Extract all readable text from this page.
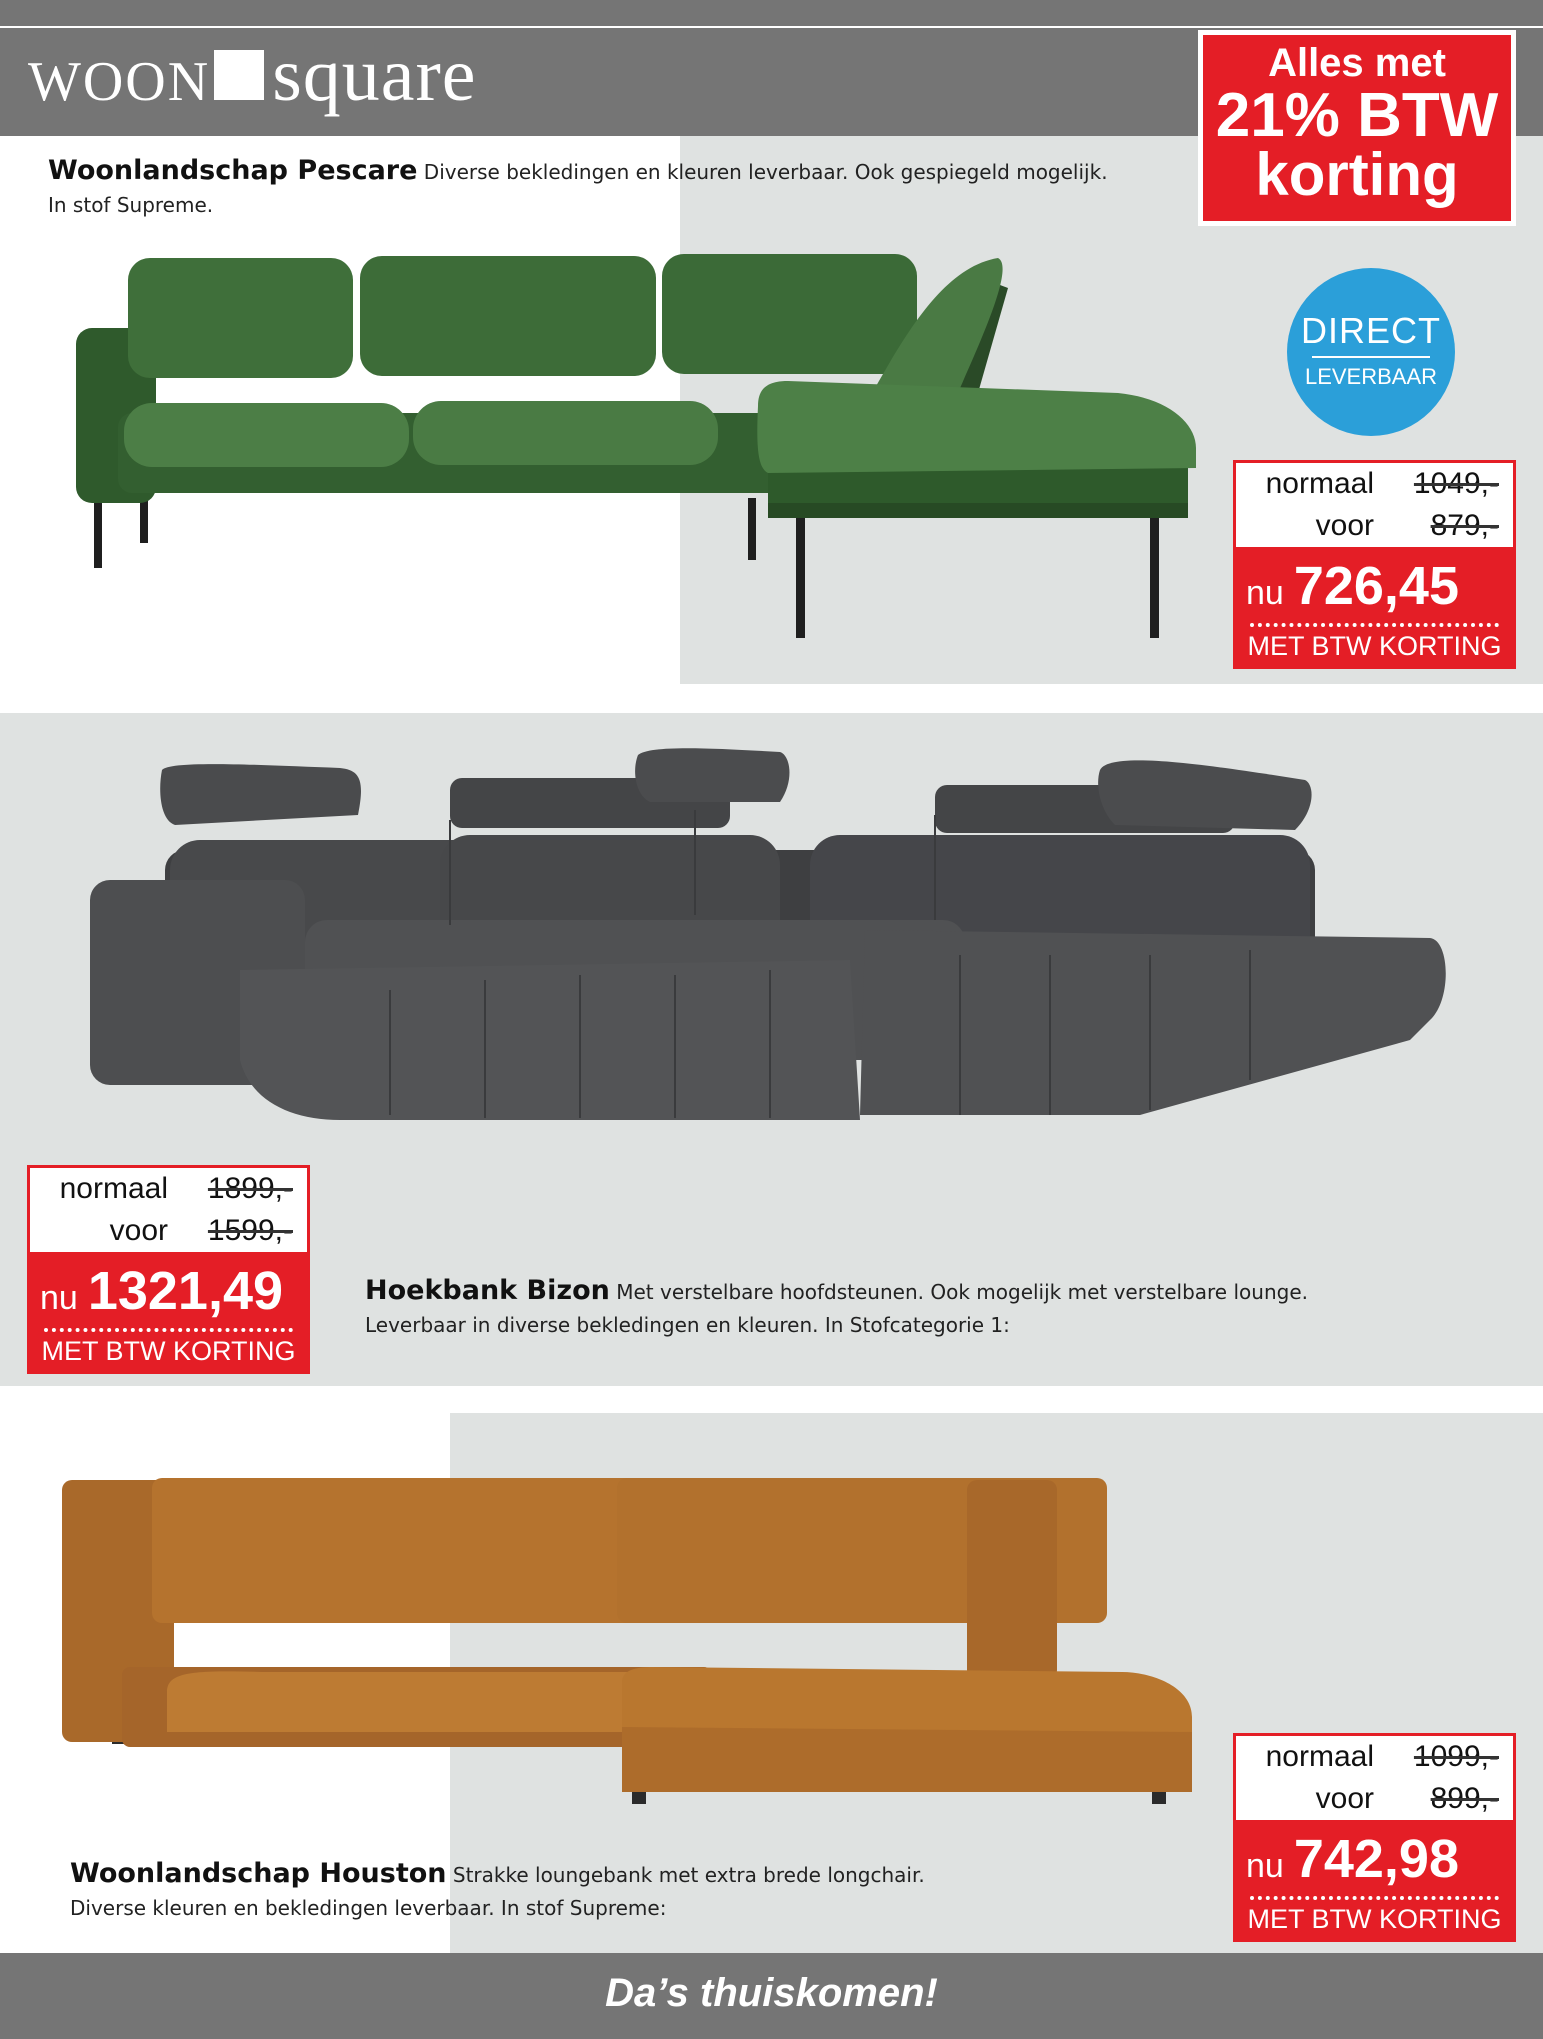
WOON square	Alles met
21% BTW
korting
Woonlandschap Pescare Diverse bekledingen en kleuren leverbaar. Ook gespiegeld mogelijk.
In stof Supreme.
DIRECT
LEVERBAAR
normaal 1049,-
voor 879,-
nu 726,45
MET BTW KORTING
normaal 1899,-
voor 1599,-
nu 1321,49
MET BTW KORTING
Hoekbank Bizon Met verstelbare hoofdsteunen. Ook mogelijk met verstelbare lounge.
Leverbaar in diverse bekledingen en kleuren. In Stofcategorie 1:
Woonlandschap Houston Strakke loungebank met extra brede longchair.
Diverse kleuren en bekledingen leverbaar. In stof Supreme:
normaal 1099,-
voor 899,-
nu 742,98
MET BTW KORTING
Da’s thuiskomen!
